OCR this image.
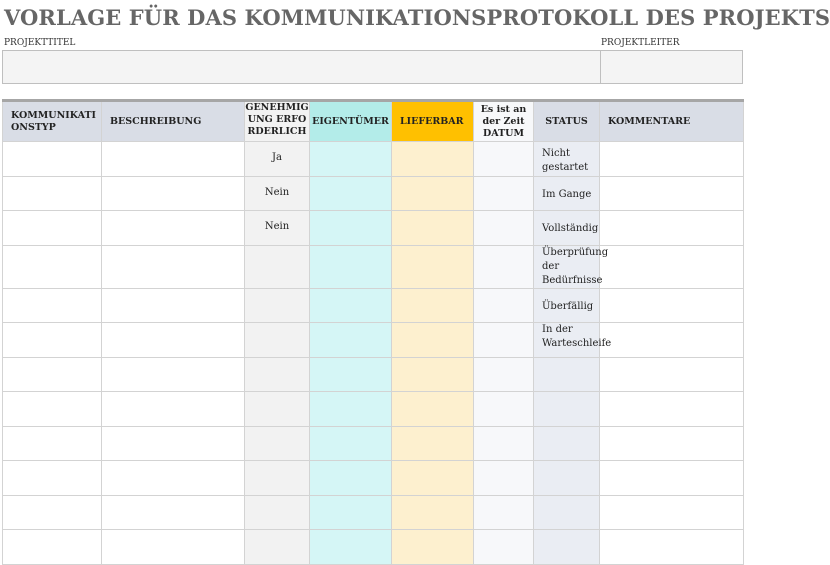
VORLAGE FÜR DAS KOMMUNIKATIONSPROTOKOLL DES PROJEKTS
PROJEKTTITEL	PROJEKTLEITER
KOMMUNIKATIONSTYP	BESCHREIBUNG	GENEHMIGUNG ERFORDERLICH	EIGENTÜMER	LIEFERBAR	Es ist an der Zeit DATUM	STATUS	KOMMENTARE
		Ja				Nicht gestartet	
		Nein				Im Gange	
		Nein				Vollständig	
						Überprüfung der Bedürfnisse	
						Überfällig	
						In der Warteschleife	
